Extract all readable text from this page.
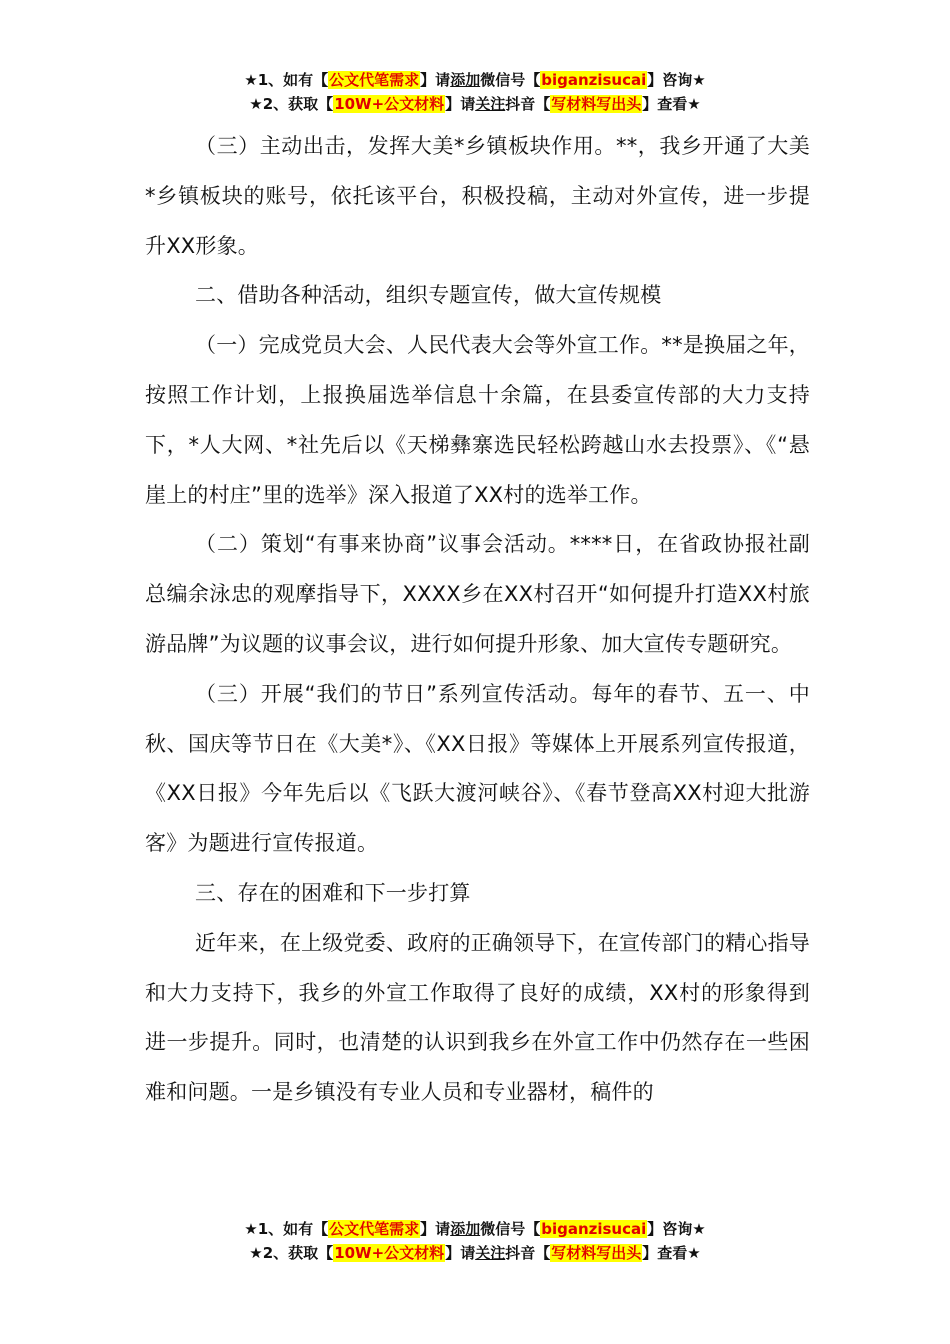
★1、如有【公文代笔需求】请添加微信号【biganzisucai】咨询★
★2、获取【10W+公文材料】请关注抖音【写材料写出头】查看★

（三）主动出击，发挥大美*乡镇板块作用。**，我乡开通了大美*乡镇板块的账号，依托该平台，积极投稿，主动对外宣传，进一步提升XX形象。

二、借助各种活动，组织专题宣传，做大宣传规模

（一）完成党员大会、人民代表大会等外宣工作。**是换届之年，按照工作计划，上报换届选举信息十余篇，在县委宣传部的大力支持下，*人大网、*社先后以《天梯彝寨选民轻松跨越山水去投票》、《“悬崖上的村庄”里的选举》深入报道了XX村的选举工作。

（二）策划“有事来协商”议事会活动。****日，在省政协报社副总编余泳忠的观摩指导下，XXXX乡在XX村召开“如何提升打造XX村旅游品牌”为议题的议事会议，进行如何提升形象、加大宣传专题研究。

（三）开展“我们的节日”系列宣传活动。每年的春节、五一、中秋、国庆等节日在《大美*》、《XX日报》等媒体上开展系列宣传报道，《XX日报》今年先后以《飞跃大渡河峡谷》、《春节登高XX村迎大批游客》为题进行宣传报道。

三、存在的困难和下一步打算

近年来，在上级党委、政府的正确领导下，在宣传部门的精心指导和大力支持下，我乡的外宣工作取得了良好的成绩，XX村的形象得到进一步提升。同时，也清楚的认识到我乡在外宣工作中仍然存在一些困难和问题。一是乡镇没有专业人员和专业器材，稿件的

★1、如有【公文代笔需求】请添加微信号【biganzisucai】咨询★
★2、获取【10W+公文材料】请关注抖音【写材料写出头】查看★
